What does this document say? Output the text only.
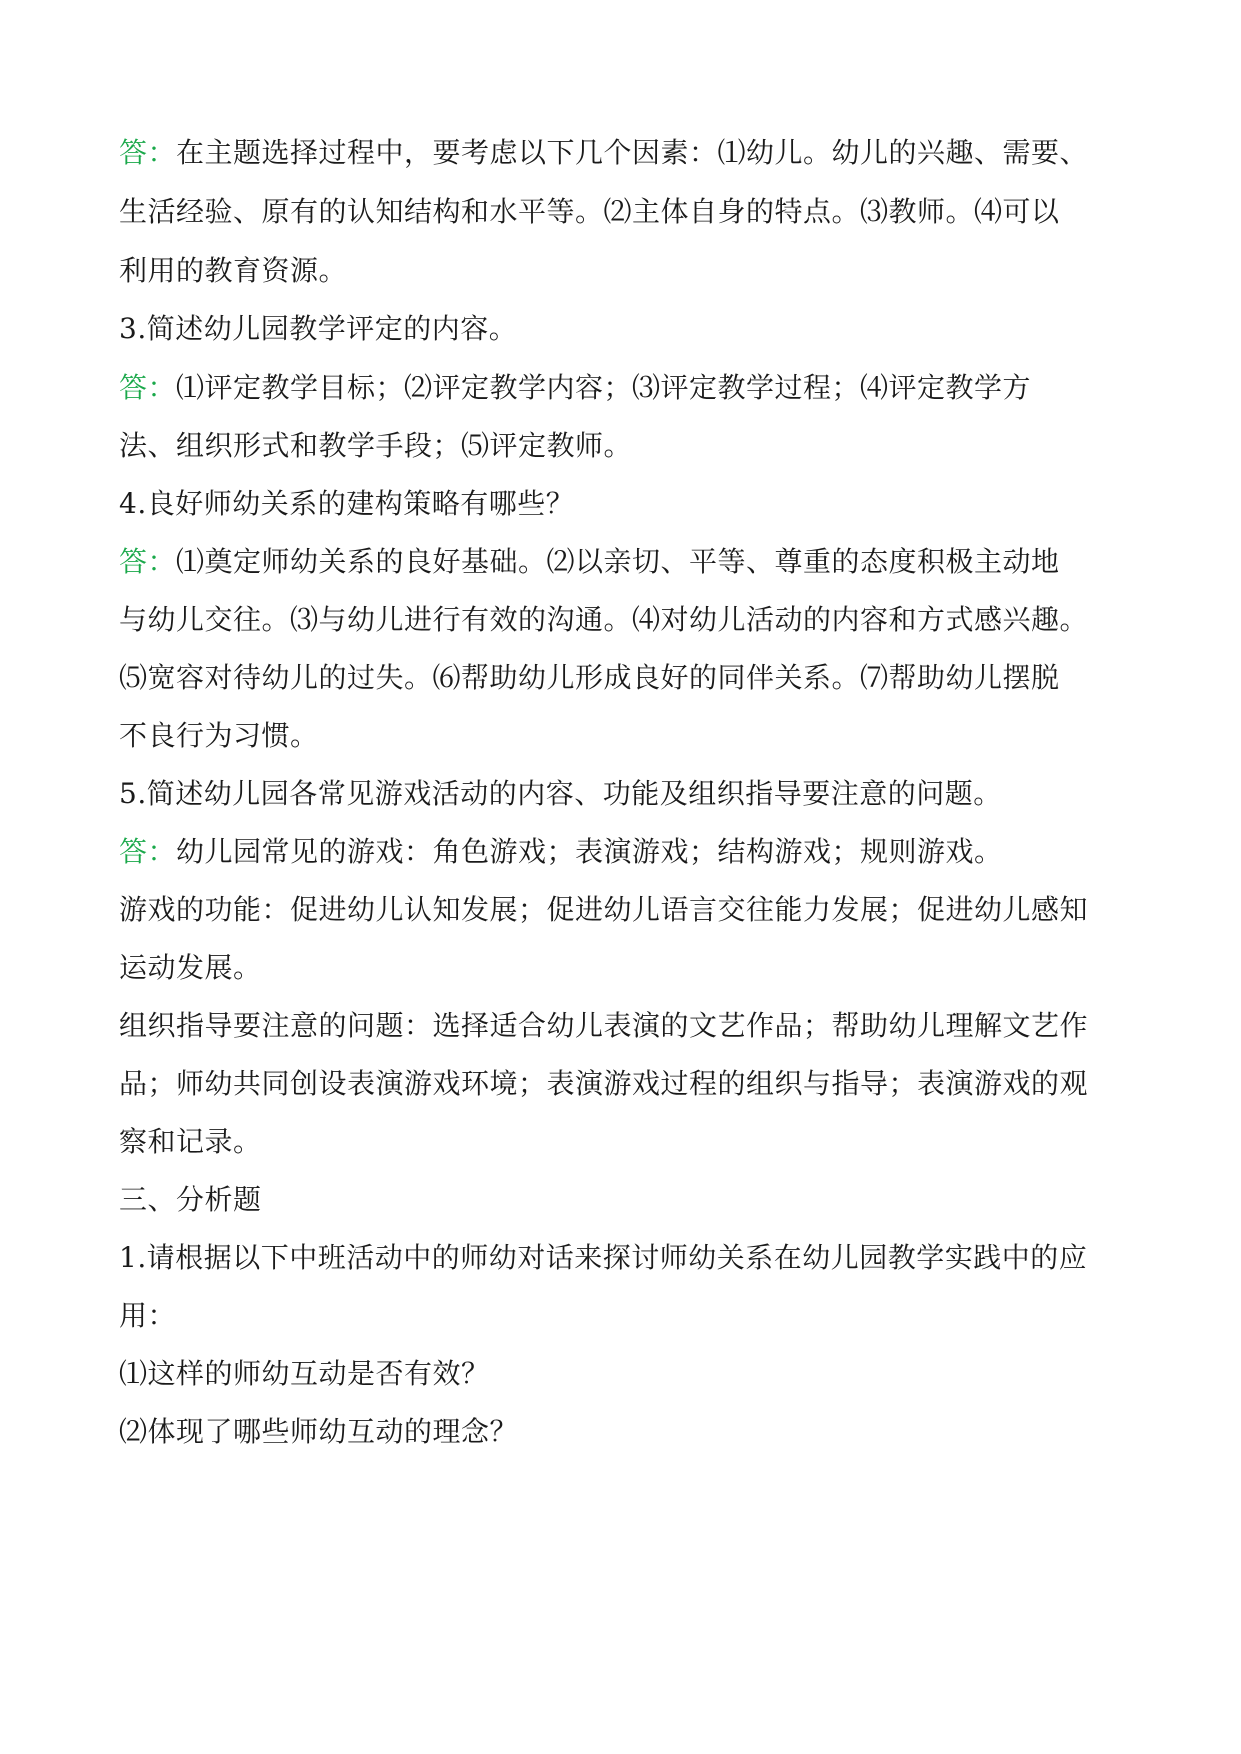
答：在主题选择过程中，要考虑以下几个因素：⑴幼儿。幼儿的兴趣、需要、
生活经验、原有的认知结构和水平等。⑵主体自身的特点。⑶教师。⑷可以
利用的教育资源。
3.简述幼儿园教学评定的内容。
答：⑴评定教学目标；⑵评定教学内容；⑶评定教学过程；⑷评定教学方
法、组织形式和教学手段；⑸评定教师。
4.良好师幼关系的建构策略有哪些？
答：⑴奠定师幼关系的良好基础。⑵以亲切、平等、尊重的态度积极主动地
与幼儿交往。⑶与幼儿进行有效的沟通。⑷对幼儿活动的内容和方式感兴趣。
⑸宽容对待幼儿的过失。⑹帮助幼儿形成良好的同伴关系。⑺帮助幼儿摆脱
不良行为习惯。
5.简述幼儿园各常见游戏活动的内容、功能及组织指导要注意的问题。
答：幼儿园常见的游戏：角色游戏；表演游戏；结构游戏；规则游戏。
游戏的功能：促进幼儿认知发展；促进幼儿语言交往能力发展；促进幼儿感知
运动发展。
组织指导要注意的问题：选择适合幼儿表演的文艺作品；帮助幼儿理解文艺作
品；师幼共同创设表演游戏环境；表演游戏过程的组织与指导；表演游戏的观
察和记录。
三、分析题
1.请根据以下中班活动中的师幼对话来探讨师幼关系在幼儿园教学实践中的应
用：
⑴这样的师幼互动是否有效？
⑵体现了哪些师幼互动的理念？
